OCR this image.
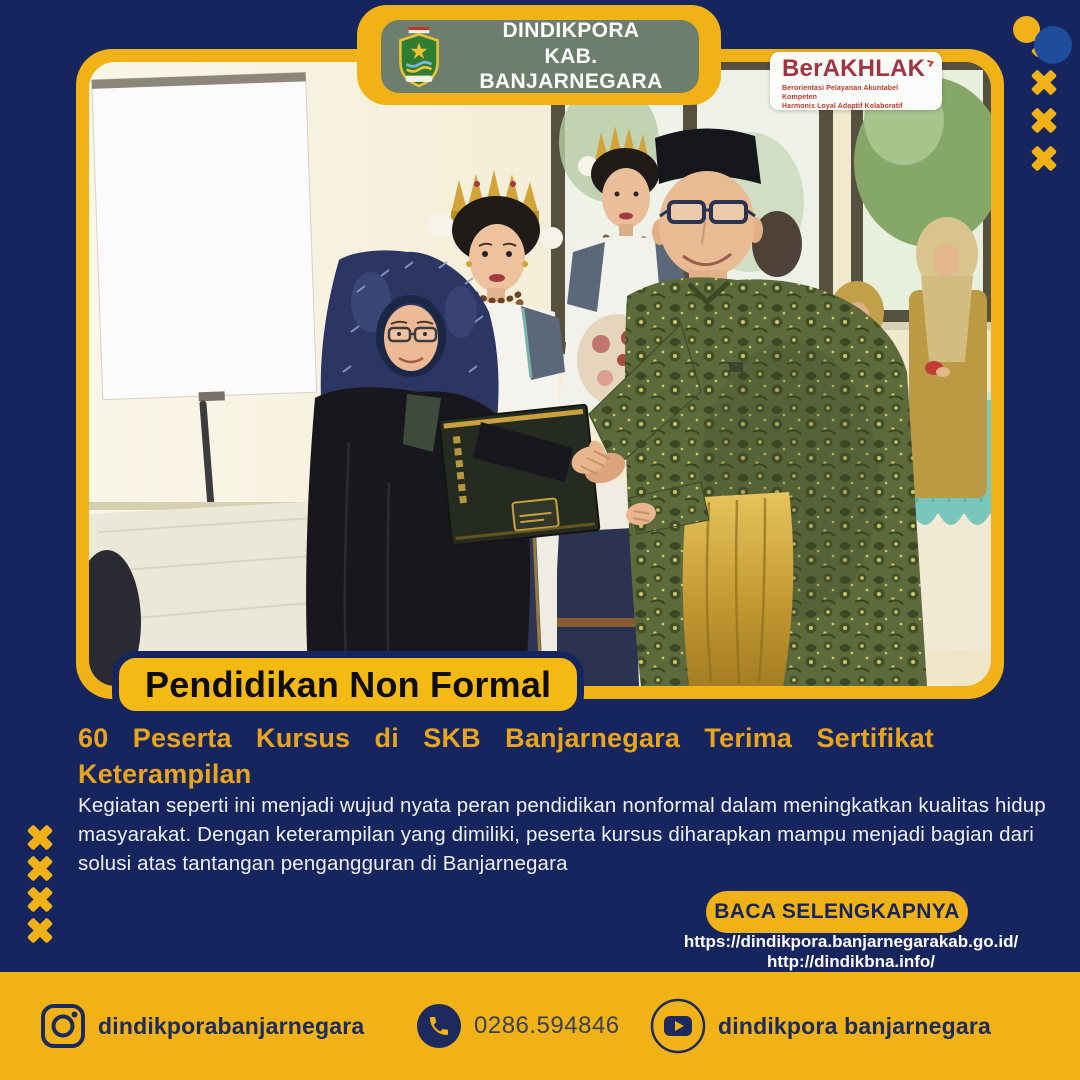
DINDIKPORA
KAB. BANJARNEGARA	BerAKHLAK
Berorientasi Pelayanan Akuntabel Kompeten
Harmonis Loyal Adaptif Kolaboratif
Pendidikan Non Formal
60 Peserta Kursus di SKB Banjarnegara Terima Sertifikat Keterampilan

Kegiatan seperti ini menjadi wujud nyata peran pendidikan nonformal dalam meningkatkan kualitas hidup masyarakat. Dengan keterampilan yang dimiliki, peserta kursus diharapkan mampu menjadi bagian dari solusi atas tantangan pengangguran di Banjarnegara

BACA SELENGKAPNYA
https://dindikpora.banjarnegarakab.go.id/
http://dindikbna.info/
dindikporabanjarnegara	0286.594846	dindikpora banjarnegara
